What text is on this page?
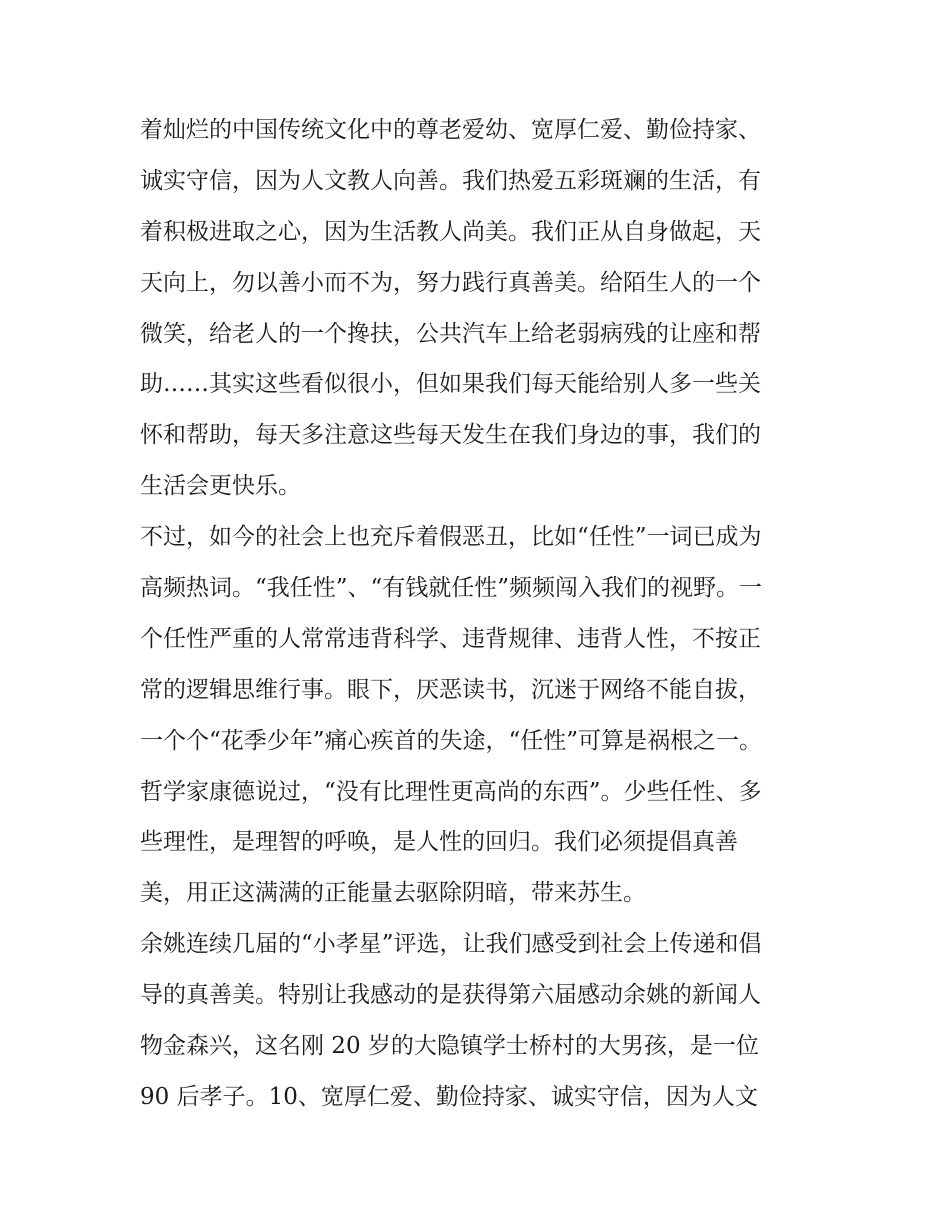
着灿烂的中国传统文化中的尊老爱幼、宽厚仁爱、勤俭持家、
诚实守信，因为人文教人向善。我们热爱五彩斑斓的生活，有
着积极进取之心，因为生活教人尚美。我们正从自身做起，天
天向上，勿以善小而不为，努力践行真善美。给陌生人的一个
微笑，给老人的一个搀扶，公共汽车上给老弱病残的让座和帮
助……其实这些看似很小，但如果我们每天能给别人多一些关
怀和帮助，每天多注意这些每天发生在我们身边的事，我们的
生活会更快乐。
不过，如今的社会上也充斥着假恶丑，比如“任性”一词已成为
高频热词。“我任性”、“有钱就任性”频频闯入我们的视野。一
个任性严重的人常常违背科学、违背规律、违背人性，不按正
常的逻辑思维行事。眼下，厌恶读书，沉迷于网络不能自拔，
一个个“花季少年”痛心疾首的失途，“任性”可算是祸根之一。
哲学家康德说过，“没有比理性更高尚的东西”。少些任性、多
些理性，是理智的呼唤，是人性的回归。我们必须提倡真善
美，用正这满满的正能量去驱除阴暗，带来苏生。
余姚连续几届的“小孝星”评选，让我们感受到社会上传递和倡
导的真善美。特别让我感动的是获得第六届感动余姚的新闻人
物金森兴，这名刚 20 岁的大隐镇学士桥村的大男孩，是一位
90 后孝子。10、宽厚仁爱、勤俭持家、诚实守信，因为人文
